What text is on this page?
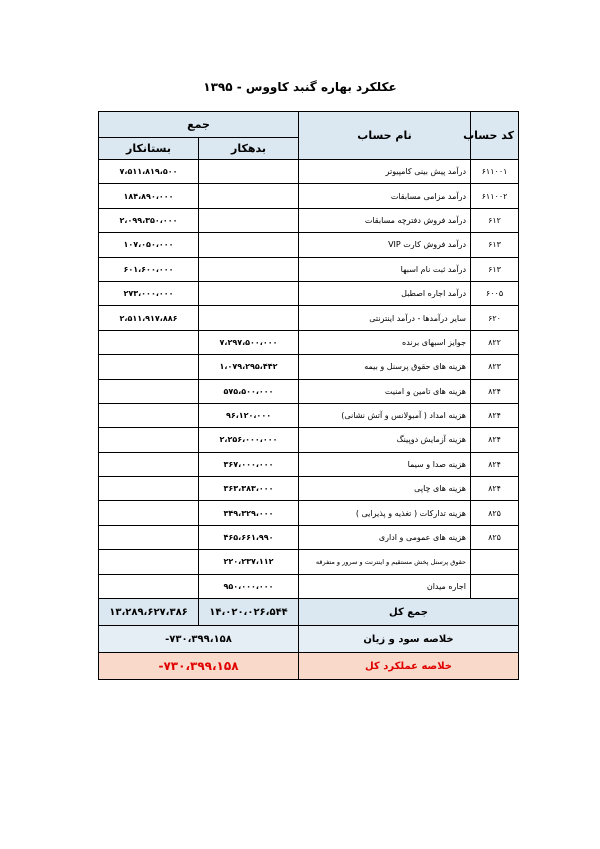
عکلکرد بهاره گنبد کاووس - ۱۳۹۵
کد حساب	نام حساب	جمع	
		بدهکار	بستانکار
۶۱۱۰۰۱	درآمد پیش بینی کامپیوتر		۷،۵۱۱،۸۱۹،۵۰۰
۶۱۱۰۰۲	درآمد مزامی مسابقات		۱۸۴،۸۹۰،۰۰۰
۶۱۲	درآمد فروش دفترچه مسابقات		۲،۰۹۹،۳۵۰،۰۰۰
۶۱۳	درآمد فروش کارت VIP		۱۰۷،۰۵۰،۰۰۰
۶۱۳	درآمد ثبت نام اسبها		۶۰۱،۶۰۰،۰۰۰
۶۰۰۵	درآمد اجاره اصطبل		۲۷۳،۰۰۰،۰۰۰
۶۲۰	سایر درآمدها - درآمد اینترنتی		۲،۵۱۱،۹۱۷،۸۸۶
۸۲۲	جوایز اسبهای برنده	۷،۲۹۷،۵۰۰،۰۰۰	
۸۲۳	هزینه های حقوق پرسنل و بیمه	۱،۰۷۹،۲۹۵،۴۴۲	
۸۲۴	هزینه های تامین و امنیت	۵۷۵،۵۰۰،۰۰۰	
۸۲۴	هزینه امداد ( آمبولانس و آتش نشانی)	۹۶،۱۲۰،۰۰۰	
۸۲۴	هزینه آزمایش دوپینگ	۲،۲۵۶،۰۰۰،۰۰۰	
۸۲۴	هزینه صدا و سیما	۳۶۷،۰۰۰،۰۰۰	
۸۲۴	هزینه های چاپی	۳۶۳،۳۸۳،۰۰۰	
۸۲۵	هزینه تدارکات ( تغذیه و پذیرایی )	۳۴۹،۳۲۹،۰۰۰	
۸۲۵	هزینه های عمومی و اداری	۴۶۵،۶۶۱،۹۹۰	
	حقوق پرسنل پخش مستقیم و اینترنت و سرور و متفرقه	۲۲۰،۲۳۷،۱۱۲	
	اجاره میدان	۹۵۰،۰۰۰،۰۰۰	
جمع کل		۱۴،۰۲۰،۰۲۶،۵۴۴	۱۳،۲۸۹،۶۲۷،۳۸۶
خلاصه سود و زیان		-۷۳۰،۳۹۹،۱۵۸	
خلاصه عملکرد کل		-۷۳۰،۳۹۹،۱۵۸	
